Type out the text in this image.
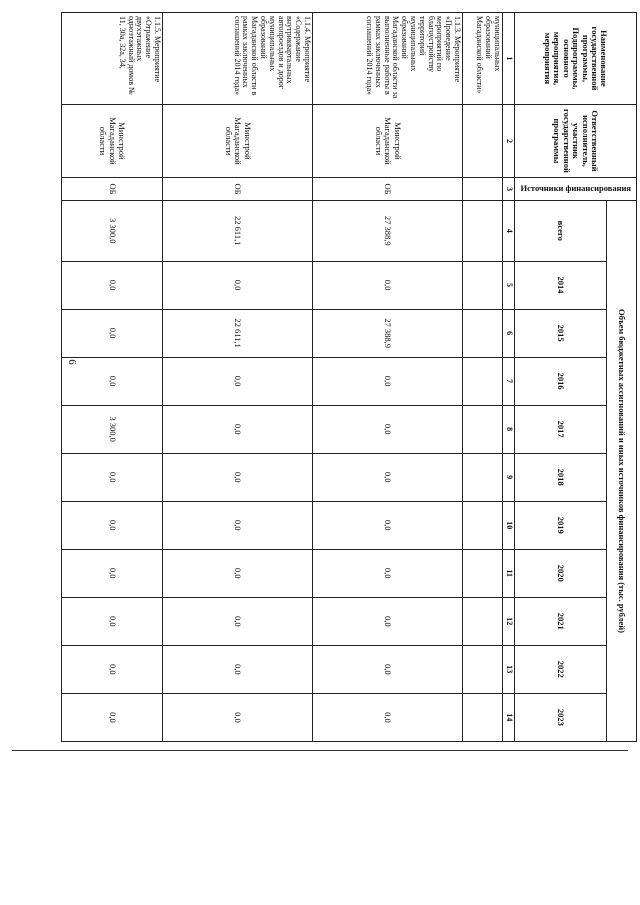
6
Наименование государственной программы, Подпрограммы, основного мероприятия, мероприятия	Ответственный исполнитель, участник государственной программы	Источники финансирования	Объем бюджетных ассигнований и иных источников финансирования (тыс. рублей)										
			всего	2014	2015	2016	2017	2018	2019	2020	2021	2022	2023
1	2	3	4	5	6	7	8	9	10	11	12	13	14
муниципальных образований Магаданской области»													
1.1.3. Мероприятие «Проведение мероприятий по благоустройству территорий муниципальных образований Магаданской области за выполненные работы в рамках заключенных соглашений 2014 года»	Минстрой Магаданской области	ОБ	27 388,9	0,0	27 388,9	0,0	0,0	0,0	0,0	0,0	0,0	0,0	0,0
1.1.4. Мероприятие «Содержание внутриквартальных автопроездов и дорог муниципальных образований Магаданской области в рамках заключенных соглашений 2014 года»	Минстрой Магаданской области	ОБ	22 611,1	0,0	22 611,1	0,0	0,0	0,0	0,0	0,0	0,0	0,0	0,0
1.1.5. Мероприятие «Отражение двухэтажных одноэтажный домов № 11, 30а, 32а, 34,	Минстрой Магаданской области	ОБ	3 300,0	0,0	0,0	0,0	3 300,0	0,0	0,0	0,0	0,0	0,0	0,0
